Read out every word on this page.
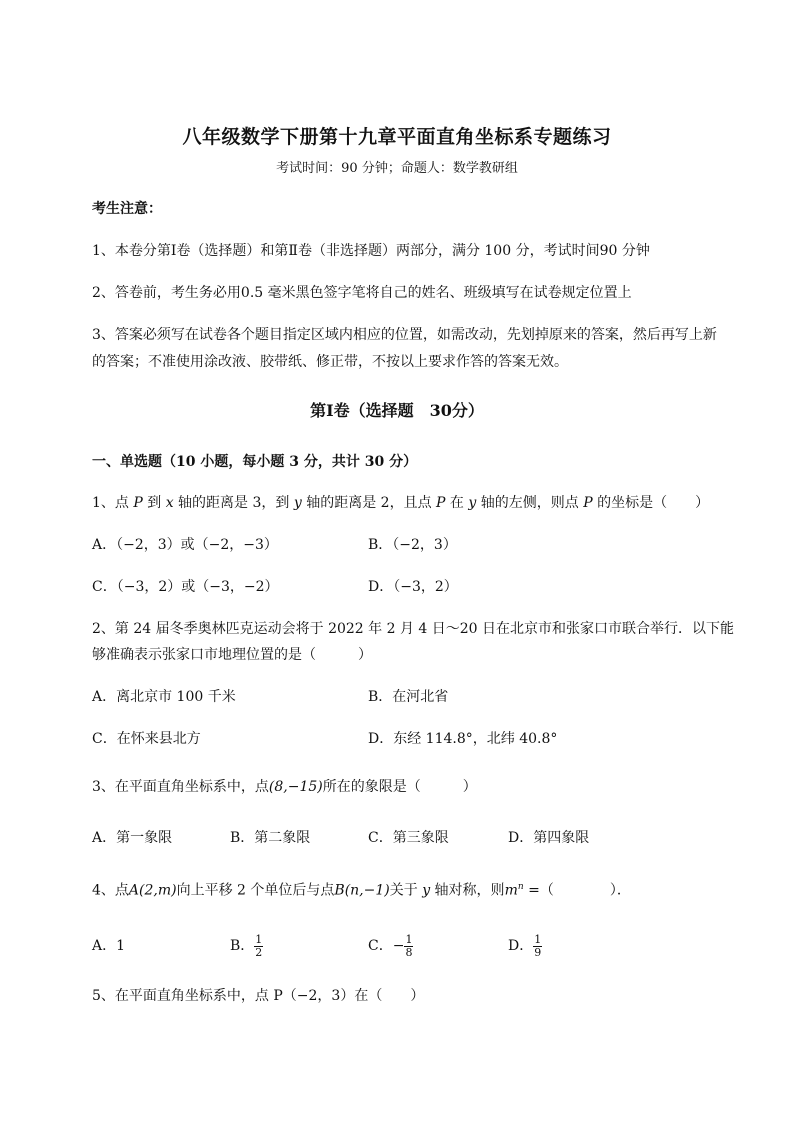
八年级数学下册第十九章平面直角坐标系专题练习
考试时间：90 分钟；命题人：数学教研组
考生注意：
1、本卷分第Ⅰ卷（选择题）和第Ⅱ卷（非选择题）两部分，满分 100 分，考试时间90 分钟
2、答卷前，考生务必用0.5 毫米黑色签字笔将自己的姓名、班级填写在试卷规定位置上
3、答案必须写在试卷各个题目指定区域内相应的位置，如需改动，先划掉原来的答案，然后再写上新
的答案；不准使用涂改液、胶带纸、修正带，不按以上要求作答的答案无效。
第Ⅰ卷（选择题　30分）
一、单选题（10 小题，每小题 3 分，共计 30 分）
1、点 P 到 x 轴的距离是 3，到 y 轴的距离是 2，且点 P 在 y 轴的左侧，则点 P 的坐标是（　　）
A．（−2，3）或（−2，−3）	B．（−2，3）
C．（−3，2）或（−3，−2）	D．（−3，2）
2、第 24 届冬季奥林匹克运动会将于 2022 年 2 月 4 日～20 日在北京市和张家口市联合举行．以下能
够准确表示张家口市地理位置的是（　　　）
A．离北京市 100 千米	B．在河北省
C．在怀来县北方	D．东经 114.8°，北纬 40.8°
3、在平面直角坐标系中，点(8,−15)所在的象限是（　　　）
A．第一象限	B．第二象限	C．第三象限	D．第四象限
4、点A(2,m)向上平移 2 个单位后与点B(n,−1)关于 y 轴对称，则$m^n$ =（　　　　）．
A．1	B． $\frac{1}{2}$	C．− $\frac{1}{8}$	D． $\frac{1}{9}$
5、在平面直角坐标系中，点 P（−2，3）在（　　）
